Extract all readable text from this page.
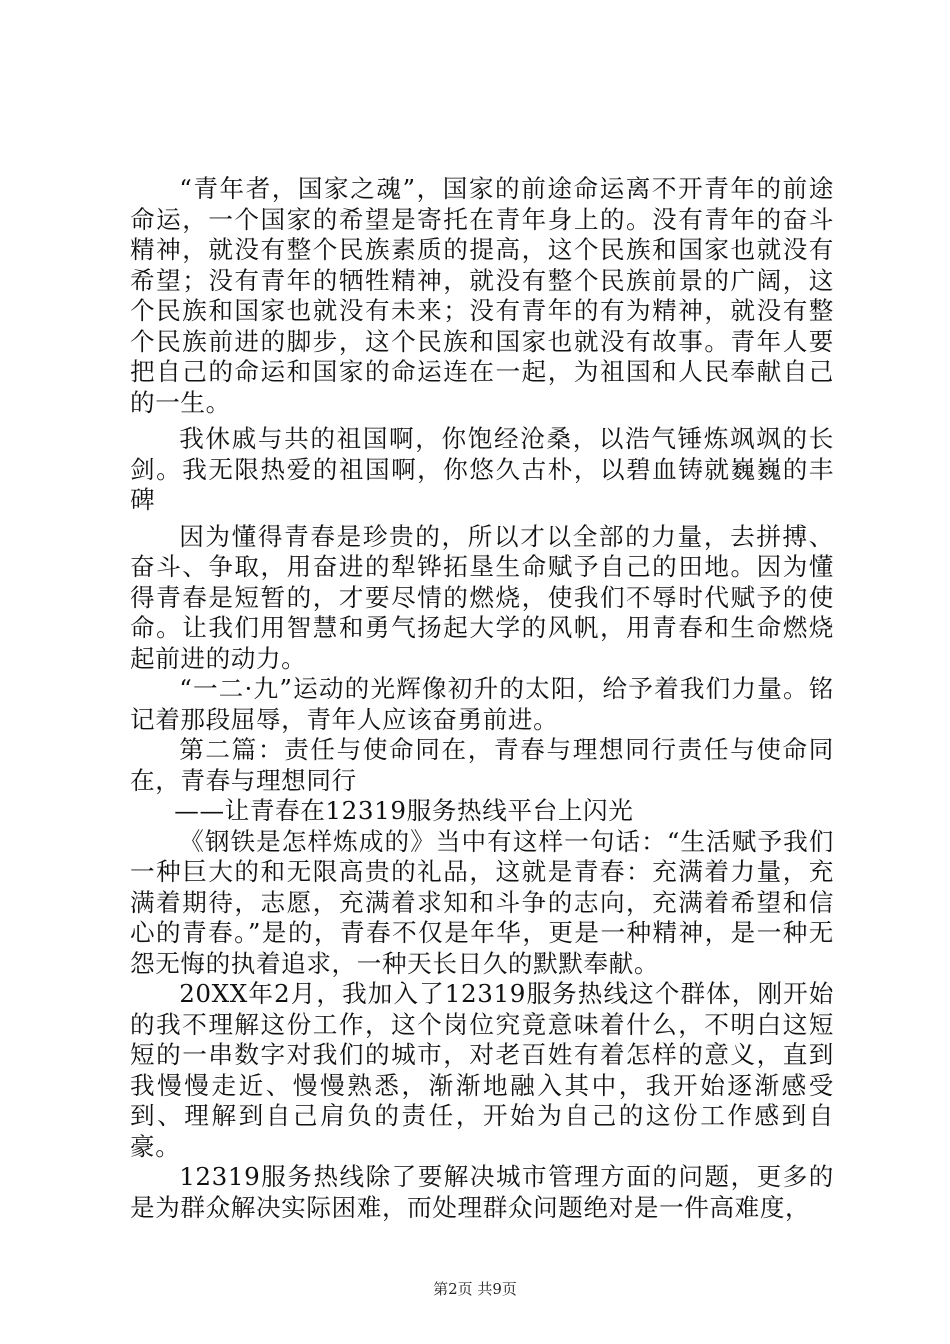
“青年者，国家之魂”，国家的前途命运离不开青年的前途命运，一个国家的希望是寄托在青年身上的。没有青年的奋斗精神，就没有整个民族素质的提高，这个民族和国家也就没有希望；没有青年的牺牲精神，就没有整个民族前景的广阔，这个民族和国家也就没有未来；没有青年的有为精神，就没有整个民族前进的脚步，这个民族和国家也就没有故事。青年人要把自己的命运和国家的命运连在一起，为祖国和人民奉献自己的一生。

我休戚与共的祖国啊，你饱经沧桑，以浩气锤炼飒飒的长剑。我无限热爱的祖国啊，你悠久古朴，以碧血铸就巍巍的丰碑

因为懂得青春是珍贵的，所以才以全部的力量，去拼搏、奋斗、争取，用奋进的犁铧拓垦生命赋予自己的田地。因为懂得青春是短暂的，才要尽情的燃烧，使我们不辱时代赋予的使命。让我们用智慧和勇气扬起大学的风帆，用青春和生命燃烧起前进的动力。

“一二·九”运动的光辉像初升的太阳，给予着我们力量。铭记着那段屈辱，青年人应该奋勇前进。

第二篇：责任与使命同在，青春与理想同行责任与使命同在，青春与理想同行

——让青春在12319服务热线平台上闪光

《钢铁是怎样炼成的》当中有这样一句话：“生活赋予我们一种巨大的和无限高贵的礼品，这就是青春：充满着力量，充满着期待，志愿，充满着求知和斗争的志向，充满着希望和信心的青春。”是的，青春不仅是年华，更是一种精神，是一种无怨无悔的执着追求，一种天长日久的默默奉献。

20XX年2月，我加入了12319服务热线这个群体，刚开始的我不理解这份工作，这个岗位究竟意味着什么，不明白这短短的一串数字对我们的城市，对老百姓有着怎样的意义，直到我慢慢走近、慢慢熟悉，渐渐地融入其中，我开始逐渐感受到、理解到自己肩负的责任，开始为自己的这份工作感到自豪。

12319服务热线除了要解决城市管理方面的问题，更多的是为群众解决实际困难，而处理群众问题绝对是一件高难度，

第2页 共9页
